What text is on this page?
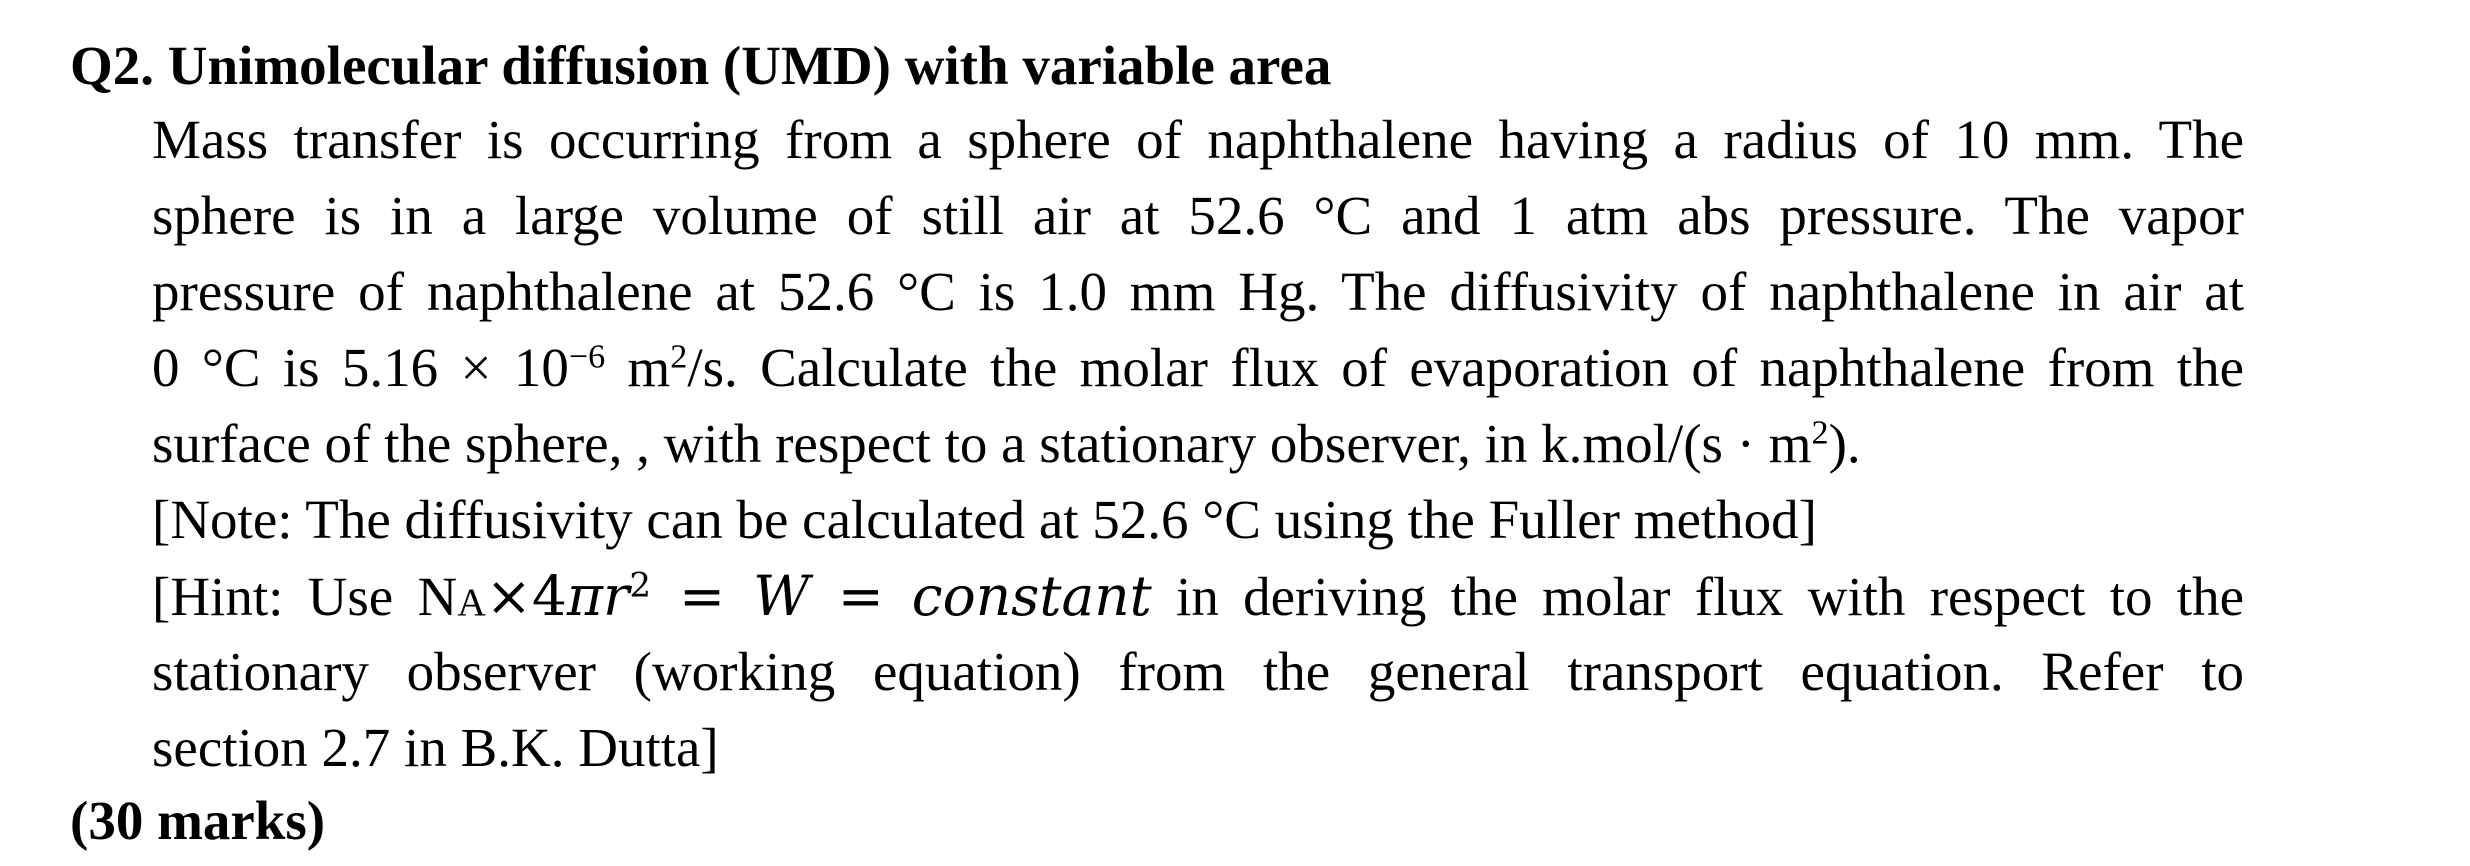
Q2. Unimolecular diffusion (UMD) with variable area
Mass transfer is occurring from a sphere of naphthalene having a radius of 10 mm. The
sphere is in a large volume of still air at 52.6 °C and 1 atm abs pressure. The vapor
pressure of naphthalene at 52.6 °C is 1.0 mm Hg. The diffusivity of naphthalene in air at
0 °C is $5.16 \times 10^{-6}$ $m^2/s$. Calculate the molar flux of evaporation of naphthalene from the
surface of the sphere, , with respect to a stationary observer, in $k.mol/(s \cdot m^2)$.
[Note: The diffusivity can be calculated at 52.6 °C using the Fuller method]
[Hint: Use $NA\times 4\pi r^2 = W$ = constant in deriving the molar flux with respect to the
stationary observer (working equation) from the general transport equation. Refer to
section 2.7 in B.K. Dutta]
(30 marks)
